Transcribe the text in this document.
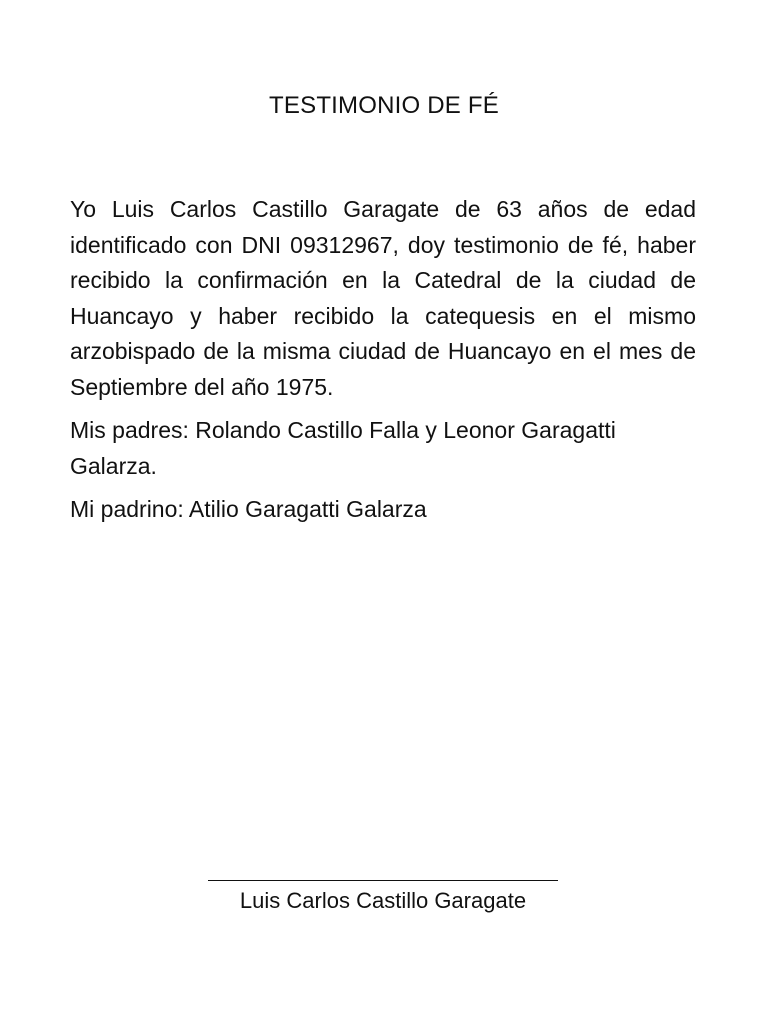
TESTIMONIO DE FÉ

Yo Luis Carlos Castillo Garagate de 63 años de edad identificado con DNI 09312967, doy testimonio de fé, haber recibido la confirmación en la Catedral de la ciudad de Huancayo y haber recibido la catequesis en el mismo arzobispado de la misma ciudad de Huancayo en el mes de Septiembre del año 1975.

Mis padres: Rolando Castillo Falla y Leonor Garagatti Galarza.

Mi padrino: Atilio Garagatti Galarza

Luis Carlos Castillo Garagate
